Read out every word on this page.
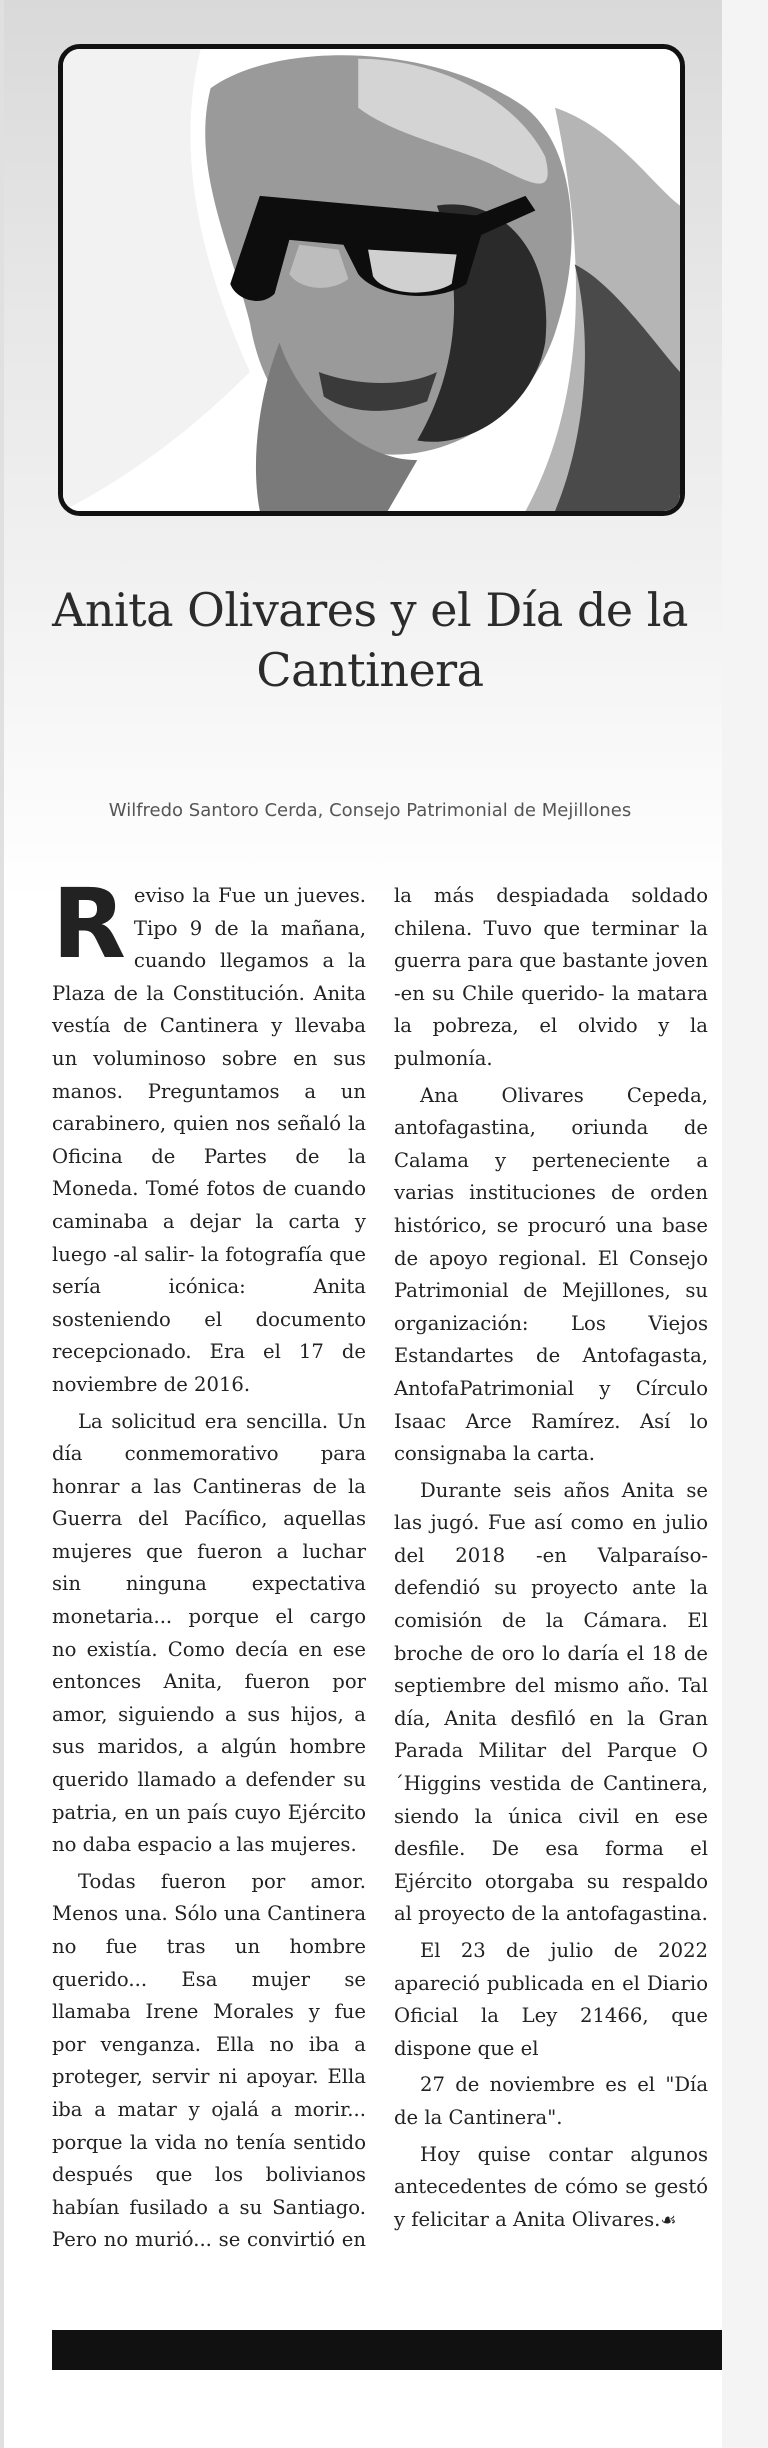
Anita Olivares y el Día de la Cantinera
Wilfredo Santoro Cerda, Consejo Patrimonial de Mejillones

Reviso la Fue un jueves. Tipo 9 de la mañana, cuando llegamos a la Plaza de la Constitución. Anita vestía de Cantinera y llevaba un voluminoso sobre en sus manos. Preguntamos a un carabinero, quien nos señaló la Oficina de Partes de la Moneda. Tomé fotos de cuando caminaba a dejar la carta y luego -al salir- la fotografía que sería icónica: Anita sosteniendo el documento recepcionado. Era el 17 de noviembre de 2016.

La solicitud era sencilla. Un día conmemorativo para honrar a las Cantineras de la Guerra del Pacífico, aquellas mujeres que fueron a luchar sin ninguna expectativa monetaria... porque el cargo no existía. Como decía en ese entonces Anita, fueron por amor, siguiendo a sus hijos, a sus maridos, a algún hombre querido llamado a defender su patria, en un país cuyo Ejército no daba espacio a las mujeres.

Todas fueron por amor. Menos una. Sólo una Cantinera no fue tras un hombre querido... Esa mujer se llamaba Irene Morales y fue por venganza. Ella no iba a proteger, servir ni apoyar. Ella iba a matar y ojalá a morir... porque la vida no tenía sentido después que los bolivianos habían fusilado a su Santiago. Pero no murió... se convirtió en la más despiadada soldado chilena. Tuvo que terminar la guerra para que bastante joven -en su Chile querido- la matara la pobreza, el olvido y la pulmonía.

Ana Olivares Cepeda, antofagastina, oriunda de Calama y perteneciente a varias instituciones de orden histórico, se procuró una base de apoyo regional. El Consejo Patrimonial de Mejillones, su organización: Los Viejos Estandartes de Antofagasta, AntofaPatrimonial y Círculo Isaac Arce Ramírez. Así lo consignaba la carta.

Durante seis años Anita se las jugó. Fue así como en julio del 2018 -en Valparaíso- defendió su proyecto ante la comisión de la Cámara. El broche de oro lo daría el 18 de septiembre del mismo año. Tal día, Anita desfiló en la Gran Parada Militar del Parque O´Higgins vestida de Cantinera, siendo la única civil en ese desfile. De esa forma el Ejército otorgaba su respaldo al proyecto de la antofagastina.

El 23 de julio de 2022 apareció publicada en el Diario Oficial la Ley 21466, que dispone que el

27 de noviembre es el "Día de la Cantinera".

Hoy quise contar algunos antecedentes de cómo se gestó y felicitar a Anita Olivares.☙
